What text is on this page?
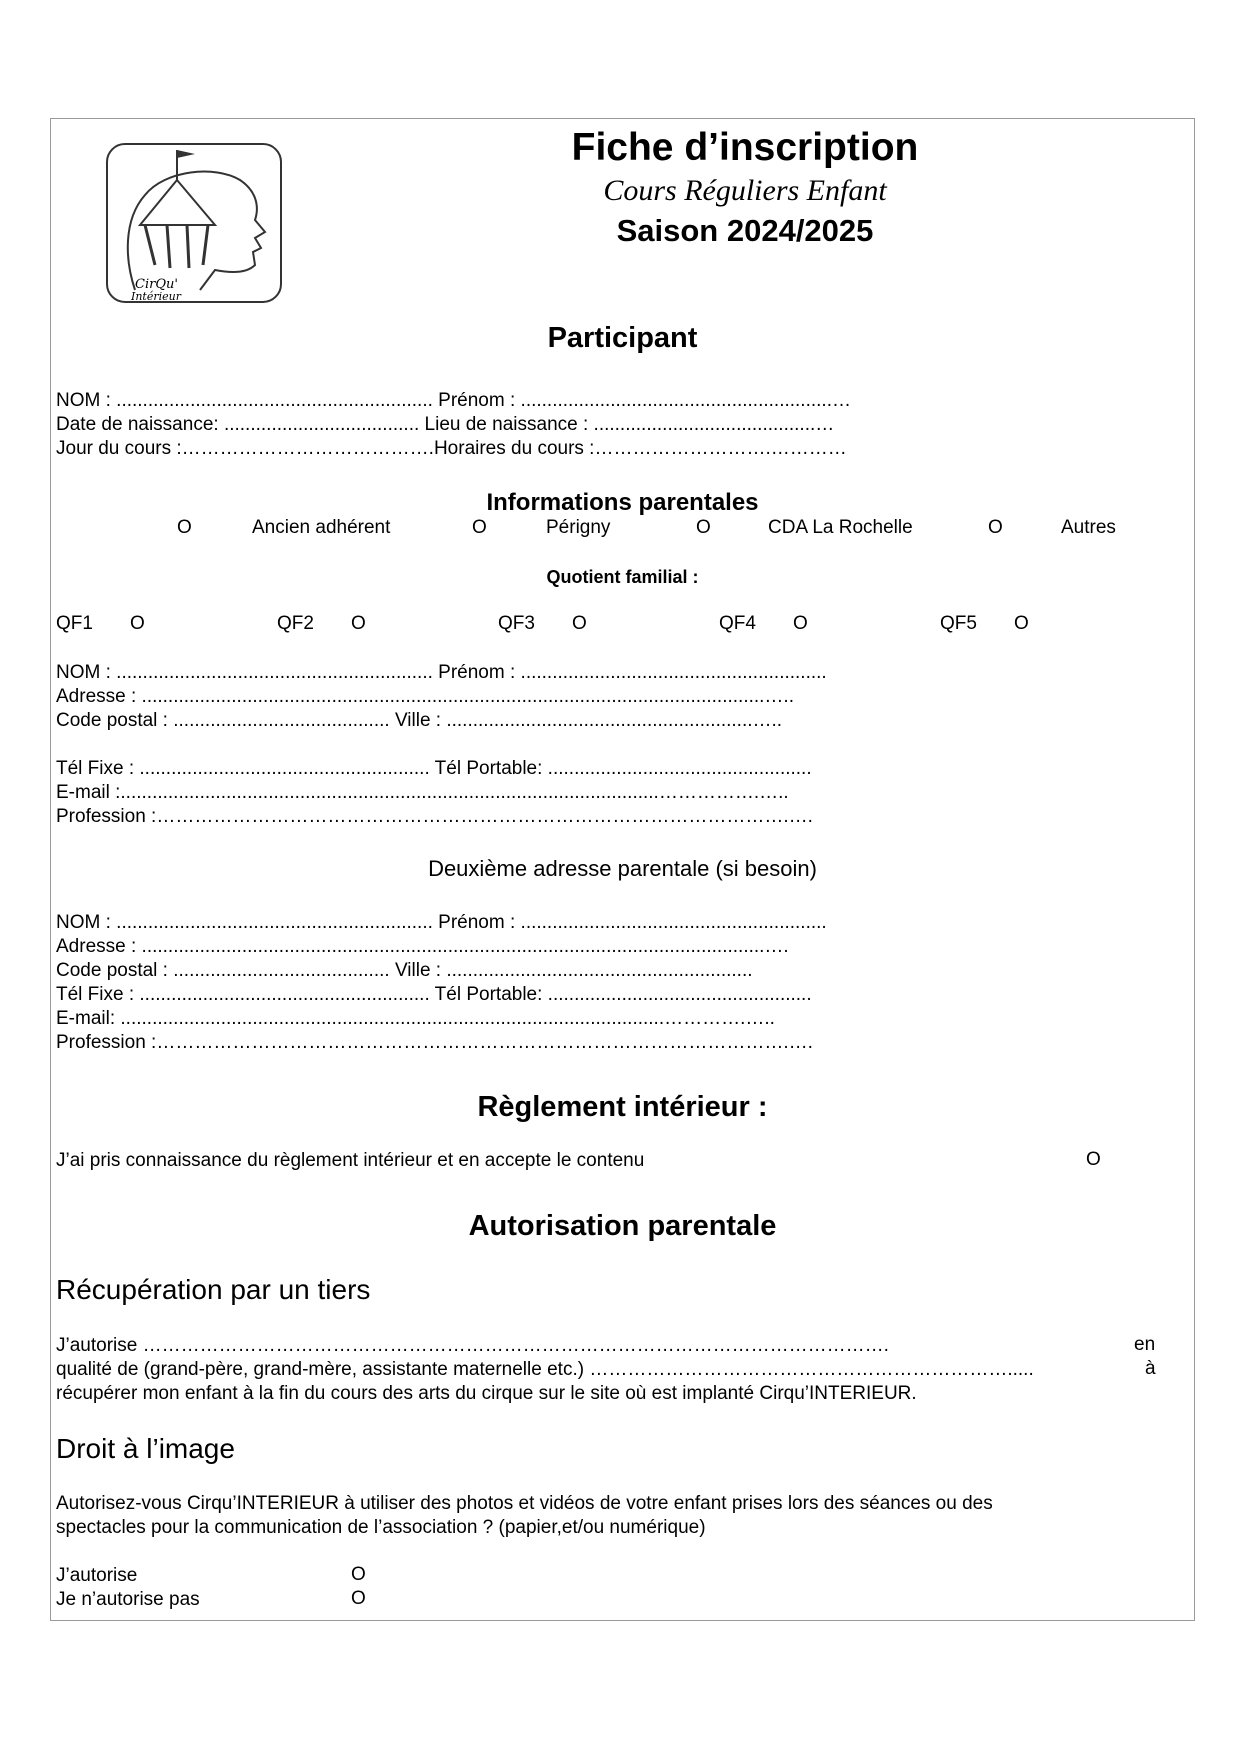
CirQu'
Intérieur
Fiche d’inscription
Cours Réguliers Enfant
Saison 2024/2025
Participant
NOM : ............................................................ Prénom : ...........................................................…
Date de naissance: ..................................... Lieu de naissance : ..........................................…
Jour du cours :………………………………….Horaires du cours :……………………….…………
Informations parentales
O	Ancien adhérent	O	Périgny	O	CDA La Rochelle	O	Autres
Quotient familial :
QF1 O	QF2 O	QF3 O	QF4 O	QF5 O
NOM : ............................................................ Prénom : ..........................................................
Adresse : ......................................................................................................................…..
Code postal : ......................................... Ville : ..........................................................…..
Tél Fixe : ....................................................... Tél Portable: ..................................................
E-mail :......................................................................................................…………….…..
Profession :……………………………………………………………………………………….….
Deuxième adresse parentale (si besoin)
NOM : ............................................................ Prénom : ..........................................................
Adresse : ......................................................................................................................….
Code postal : ......................................... Ville : ..........................................................
Tél Fixe : ....................................................... Tél Portable: ..................................................
E-mail: .......................................................................................................………….…..
Profession :……………………………………………………………………………………….….
Règlement intérieur :
J’ai pris connaissance du règlement intérieur et en accepte le contenu	O
Autorisation parentale
Récupération par un tiers
J’autorise ……………………………………………………………………………………………………….	en
qualité de (grand-père, grand-mère, assistante maternelle etc.) ………………………………………………………….....	à
récupérer mon enfant à la fin du cours des arts du cirque sur le site où est implanté Cirqu’INTERIEUR.
Droit à l’image
Autorisez-vous Cirqu’INTERIEUR à utiliser des photos et vidéos de votre enfant prises lors des séances ou des
spectacles pour la communication de l’association ? (papier,et/ou numérique)
J’autorise	O
Je n’autorise pas	O
